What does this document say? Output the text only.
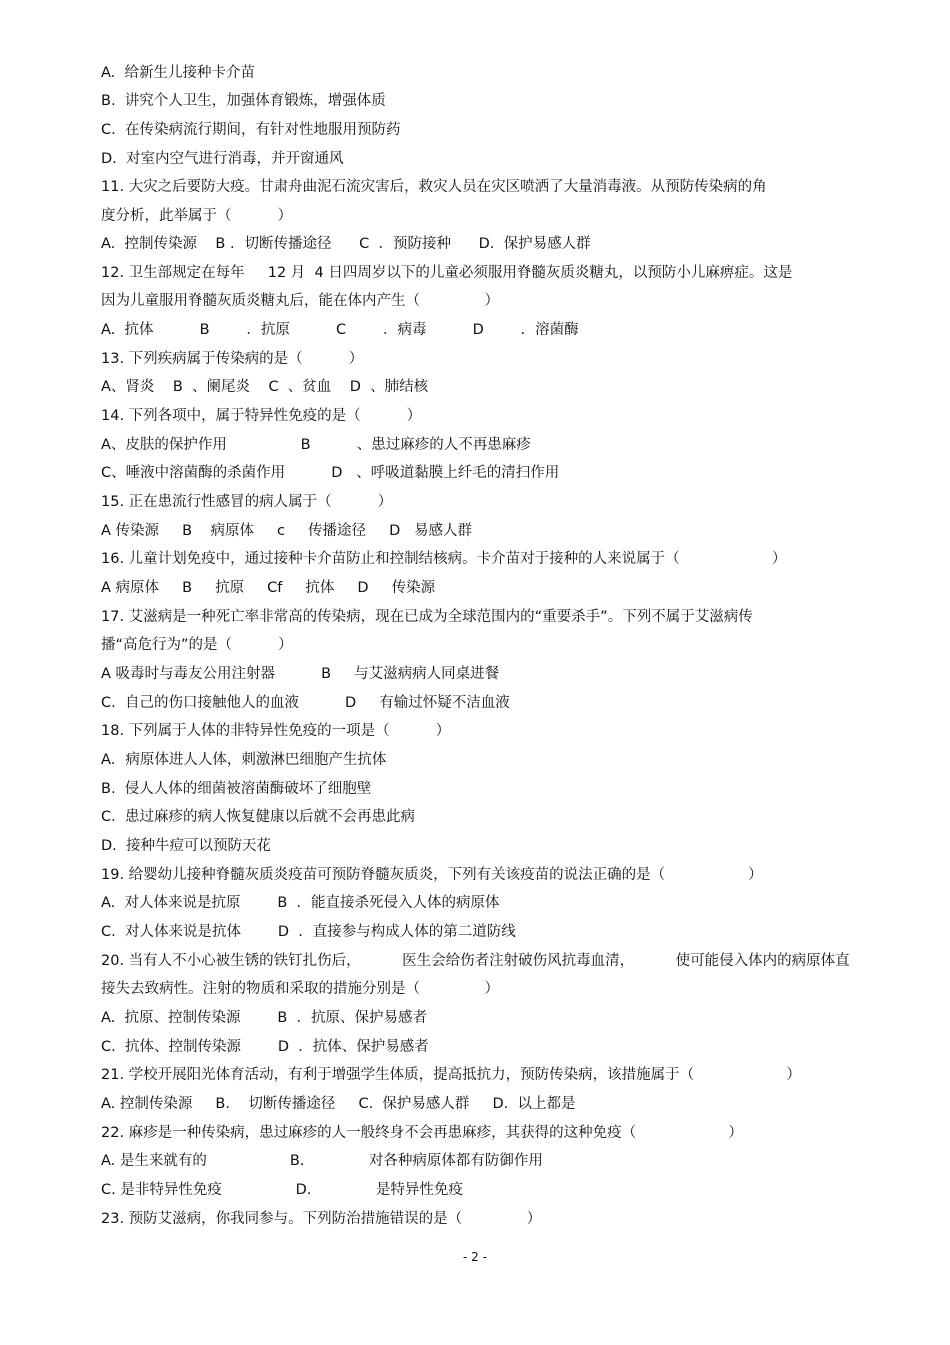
A.  给新生儿接种卡介苗
B.  讲究个人卫生，加强体育锻炼，增强体质
C.  在传染病流行期间，有针对性地服用预防药
D.  对室内空气进行消毒，并开窗通风
11. 大灾之后要防大疫。甘肃舟曲泥石流灾害后，救灾人员在灾区喷洒了大量消毒液。从预防传染病的角
度分析，此举属于（          ）
A.  控制传染源    B ．切断传播途径      C  ．预防接种      D.  保护易感人群
12. 卫生部规定在每年     12 月  4 日四周岁以下的儿童必须服用脊髓灰质炎糖丸，以预防小儿麻痹症。这是
因为儿童服用脊髓灰质炎糖丸后，能在体内产生（              ）
A.  抗体          B        ．抗原          C        ．病毒          D        ．溶菌酶
13. 下列疾病属于传染病的是（          ）
A、肾炎    B  、阑尾炎    C  、贫血    D  、肺结核
14. 下列各项中，属于特异性免疫的是（          ）
A、皮肤的保护作用                B          、患过麻疹的人不再患麻疹
C、唾液中溶菌酶的杀菌作用          D   、呼吸道黏膜上纤毛的清扫作用
15. 正在患流行性感冒的病人属于（          ）
A 传染源     B    病原体     c     传播途径     D   易感人群
16. 儿童计划免疫中，通过接种卡介苗防止和控制结核病。卡介苗对于接种的人来说属于（                    ）
A 病原体     B     抗原     Cf     抗体     D     传染源
17. 艾滋病是一种死亡率非常高的传染病，现在已成为全球范围内的“重要杀手”。下列不属于艾滋病传
播“高危行为”的是（          ）
A 吸毒时与毒友公用注射器          B     与艾滋病病人同桌进餐
C.  自己的伤口接触他人的血液          D     有输过怀疑不洁血液
18. 下列属于人体的非特异性免疫的一项是（          ）
A．病原体进人人体，刺激淋巴细胞产生抗体
B.  侵人人体的细菌被溶菌酶破坏了细胞壁
C.  患过麻疹的病人恢复健康以后就不会再患此病
D.  接种牛痘可以预防天花
19. 给婴幼儿接种脊髓灰质炎疫苗可预防脊髓灰质炎，下列有关该疫苗的说法正确的是（                  ）
A.  对人体来说是抗原        B  ．能直接杀死侵入人体的病原体
C.  对人体来说是抗体        D  ．直接参与构成人体的第二道防线
20. 当有人不小心被生锈的铁钉扎伤后，         医生会给伤者注射破伤风抗毒血清，         使可能侵入体内的病原体直
接失去致病性。注射的物质和采取的措施分别是（              ）
A.  抗原、控制传染源        B  ．抗原、保护易感者
C.  抗体、控制传染源        D  ．抗体、保护易感者
21. 学校开展阳光体育活动，有利于增强学生体质，提高抵抗力，预防传染病，该措施属于（                    ）
A. 控制传染源     B.    切断传播途径     C.  保护易感人群     D.  以上都是
22. 麻疹是一种传染病，患过麻疹的人一般终身不会再患麻疹，其获得的这种免疫（                    ）
A. 是生来就有的                  B.              对各种病原体都有防御作用
C. 是非特异性免疫                D.              是特异性免疫
23. 预防艾滋病，你我同参与。下列防治措施错误的是（              ）
- 2 -
